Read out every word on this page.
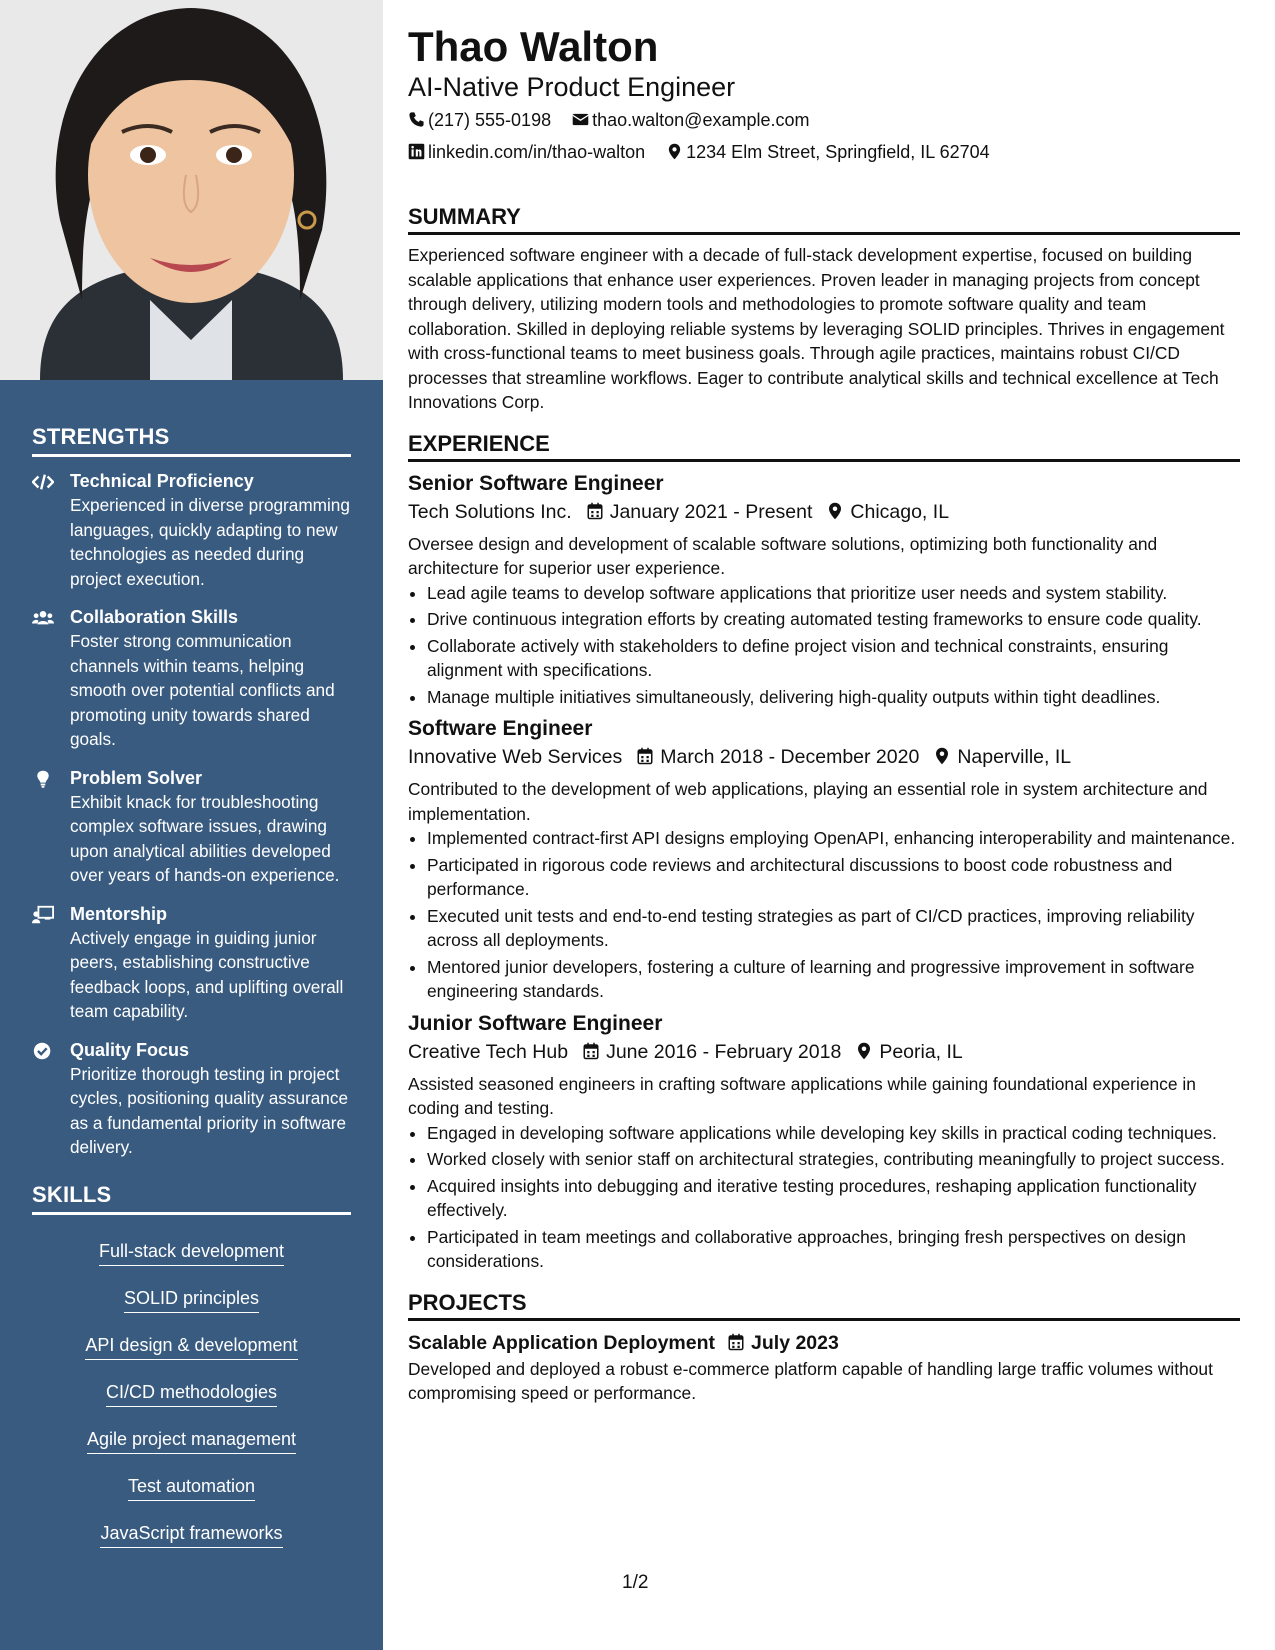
STRENGTHS
Technical Proficiency
Experienced in diverse programming languages, quickly adapting to new technologies as needed during project execution.
Collaboration Skills
Foster strong communication channels within teams, helping smooth over potential conflicts and promoting unity towards shared goals.
Problem Solver
Exhibit knack for troubleshooting complex software issues, drawing upon analytical abilities developed over years of hands-on experience.
Mentorship
Actively engage in guiding junior peers, establishing constructive feedback loops, and uplifting overall team capability.
Quality Focus
Prioritize thorough testing in project cycles, positioning quality assurance as a fundamental priority in software delivery.
SKILLS
Full-stack development
SOLID principles
API design & development
CI/CD methodologies
Agile project management
Test automation
JavaScript frameworks
Thao Walton
AI-Native Product Engineer
(217) 555-0198 thao.walton@example.com
linkedin.com/in/thao-walton 1234 Elm Street, Springfield, IL 62704
SUMMARY
Experienced software engineer with a decade of full-stack development expertise, focused on building scalable applications that enhance user experiences. Proven leader in managing projects from concept through delivery, utilizing modern tools and methodologies to promote software quality and team collaboration. Skilled in deploying reliable systems by leveraging SOLID principles. Thrives in engagement with cross-functional teams to meet business goals. Through agile practices, maintains robust CI/CD processes that streamline workflows. Eager to contribute analytical skills and technical excellence at Tech Innovations Corp.
EXPERIENCE
Senior Software Engineer
Tech Solutions Inc. January 2021 - Present Chicago, IL
Oversee design and development of scalable software solutions, optimizing both functionality and architecture for superior user experience.
• Lead agile teams to develop software applications that prioritize user needs and system stability.
• Drive continuous integration efforts by creating automated testing frameworks to ensure code quality.
• Collaborate actively with stakeholders to define project vision and technical constraints, ensuring alignment with specifications.
• Manage multiple initiatives simultaneously, delivering high-quality outputs within tight deadlines.
Software Engineer
Innovative Web Services March 2018 - December 2020 Naperville, IL
Contributed to the development of web applications, playing an essential role in system architecture and implementation.
• Implemented contract-first API designs employing OpenAPI, enhancing interoperability and maintenance.
• Participated in rigorous code reviews and architectural discussions to boost code robustness and performance.
• Executed unit tests and end-to-end testing strategies as part of CI/CD practices, improving reliability across all deployments.
• Mentored junior developers, fostering a culture of learning and progressive improvement in software engineering standards.
Junior Software Engineer
Creative Tech Hub June 2016 - February 2018 Peoria, IL
Assisted seasoned engineers in crafting software applications while gaining foundational experience in coding and testing.
• Engaged in developing software applications while developing key skills in practical coding techniques.
• Worked closely with senior staff on architectural strategies, contributing meaningfully to project success.
• Acquired insights into debugging and iterative testing procedures, reshaping application functionality effectively.
• Participated in team meetings and collaborative approaches, bringing fresh perspectives on design considerations.
PROJECTS
Scalable Application Deployment July 2023
Developed and deployed a robust e-commerce platform capable of handling large traffic volumes without compromising speed or performance.
1/2
